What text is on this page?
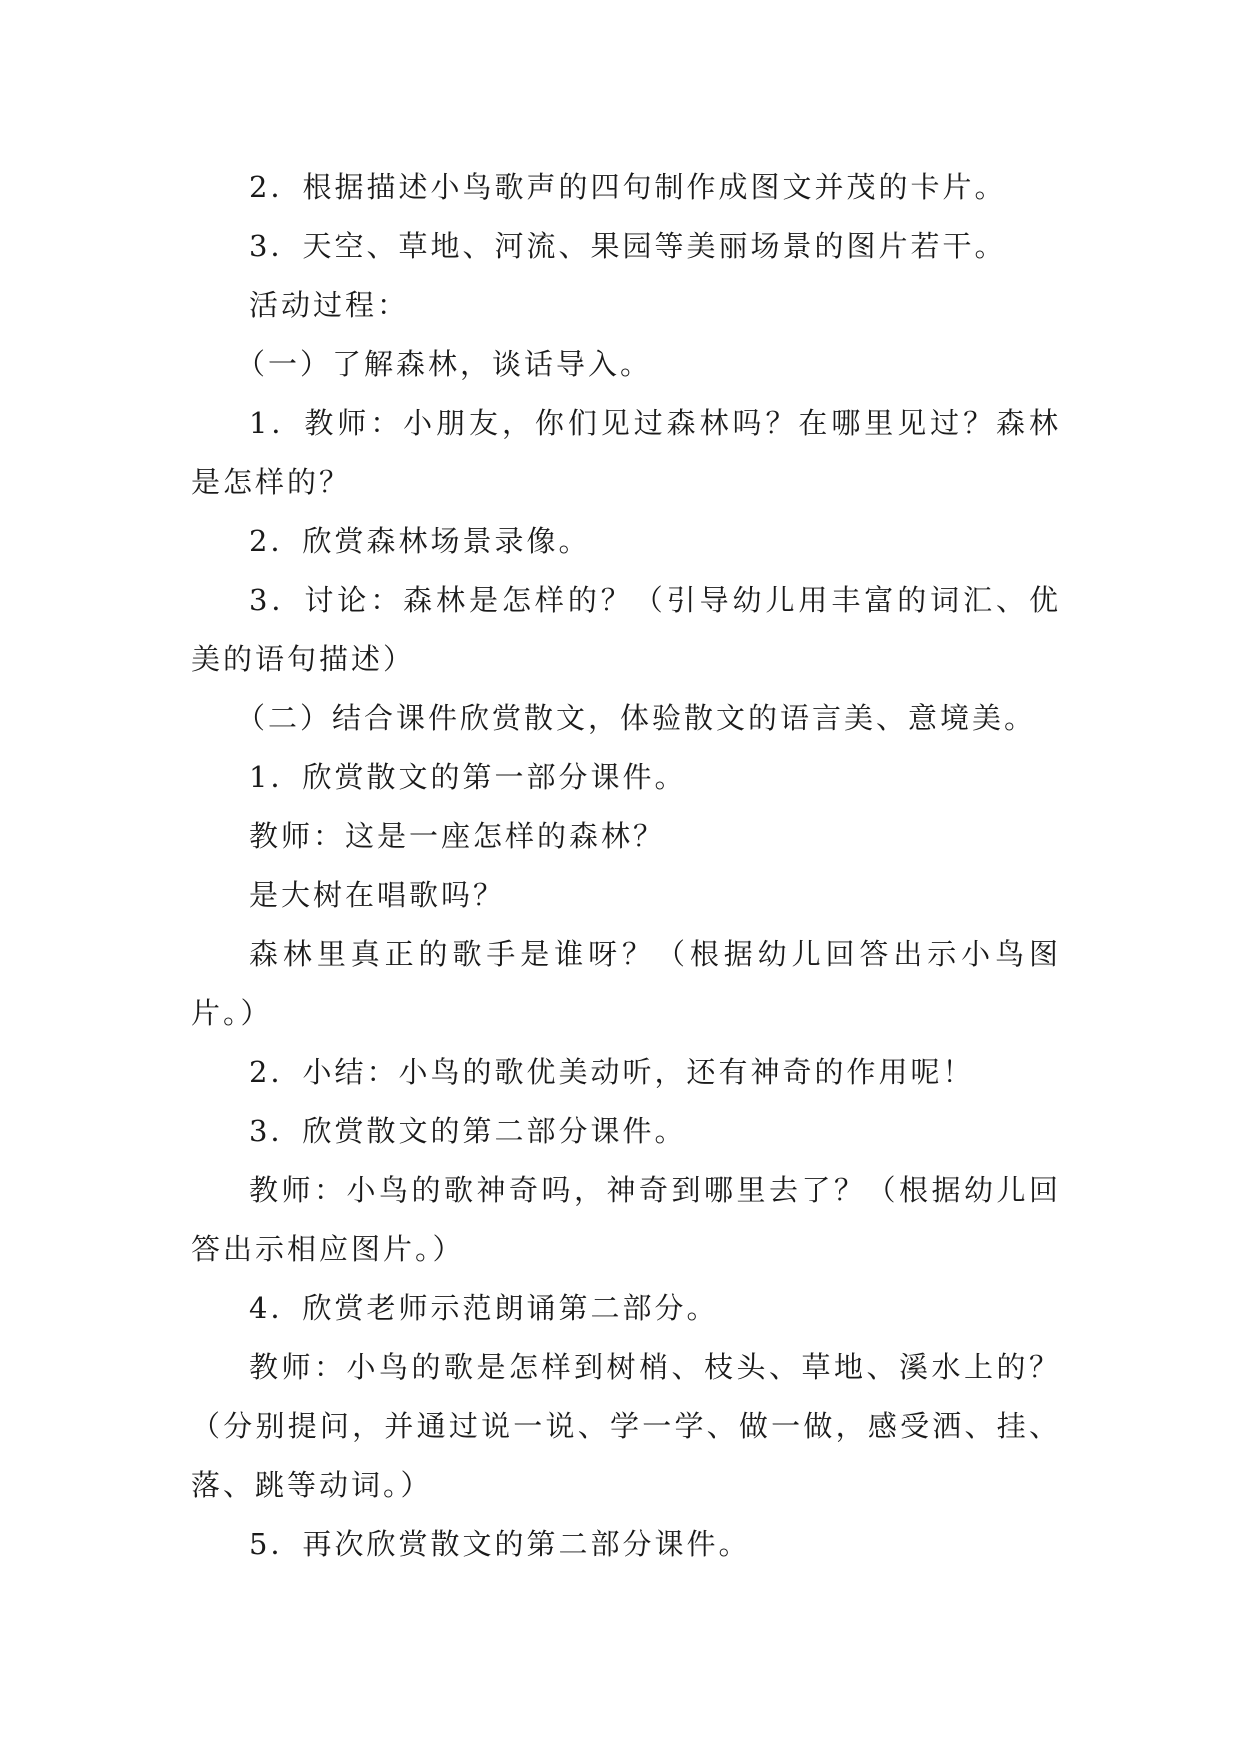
2．根据描述小鸟歌声的四句制作成图文并茂的卡片。

3．天空、草地、河流、果园等美丽场景的图片若干。

活动过程：

（一）了解森林，谈话导入。

1．教师：小朋友，你们见过森林吗？在哪里见过？森林是怎样的？

2．欣赏森林场景录像。

3．讨论：森林是怎样的？（引导幼儿用丰富的词汇、优美的语句描述）

（二）结合课件欣赏散文，体验散文的语言美、意境美。

1．欣赏散文的第一部分课件。

教师：这是一座怎样的森林？

是大树在唱歌吗？

森林里真正的歌手是谁呀？（根据幼儿回答出示小鸟图片。）

2．小结：小鸟的歌优美动听，还有神奇的作用呢！

3．欣赏散文的第二部分课件。

教师：小鸟的歌神奇吗，神奇到哪里去了？（根据幼儿回答出示相应图片。）

4．欣赏老师示范朗诵第二部分。

教师：小鸟的歌是怎样到树梢、枝头、草地、溪水上的？（分别提问，并通过说一说、学一学、做一做，感受洒、挂、落、跳等动词。）

5．再次欣赏散文的第二部分课件。
